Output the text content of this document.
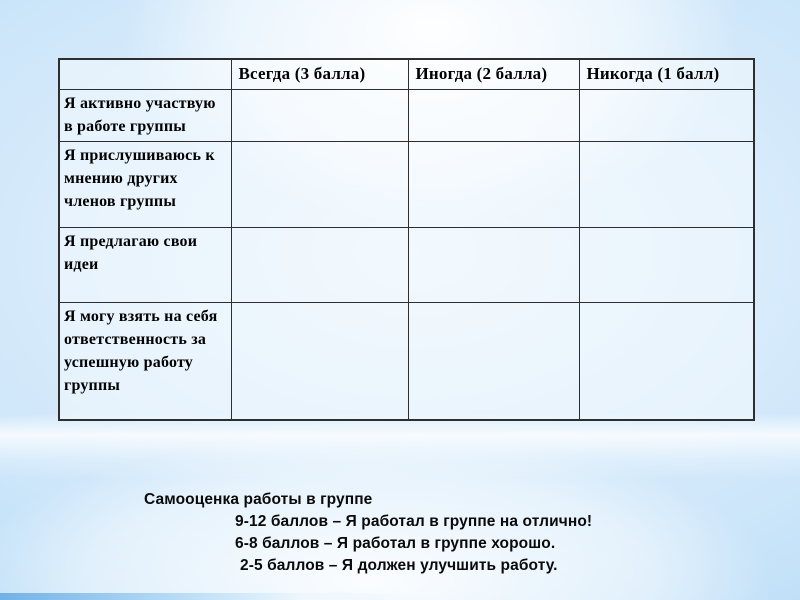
	Всегда (3 балла)	Иногда (2 балла)	Никогда (1 балл)
Я активно участвую в работе группы			
Я прислушиваюсь к мнению других членов группы			
Я предлагаю свои идеи			
Я могу взять на себя ответственность за успешную работу группы			
Самооценка работы в группе
9-12 баллов – Я работал в группе на отлично!
6-8 баллов – Я работал в группе хорошо.
2-5 баллов – Я должен улучшить работу.
